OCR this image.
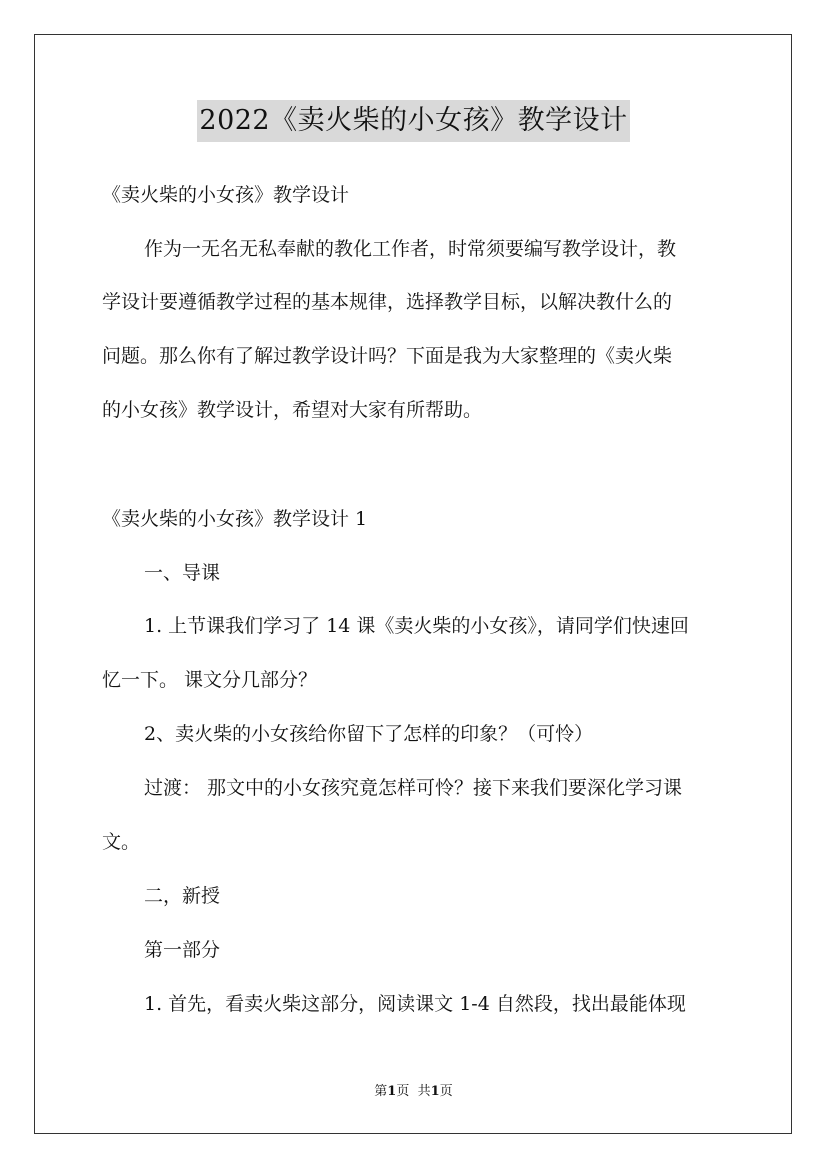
2022《卖火柴的小女孩》教学设计
《卖火柴的小女孩》教学设计
作为一无名无私奉献的教化工作者，时常须要编写教学设计，教
学设计要遵循教学过程的基本规律，选择教学目标，以解决教什么的
问题。那么你有了解过教学设计吗？下面是我为大家整理的《卖火柴
的小女孩》教学设计，希望对大家有所帮助。
《卖火柴的小女孩》教学设计 1
一、导课
1. 上节课我们学习了 14 课《卖火柴的小女孩》，请同学们快速回
忆一下。 课文分几部分？
2、卖火柴的小女孩给你留下了怎样的印象？（可怜）
过渡： 那文中的小女孩究竟怎样可怜？接下来我们要深化学习课
文。
二，新授
第一部分
1. 首先，看卖火柴这部分，阅读课文 1-4 自然段，找出最能体现
第1页 共1页
